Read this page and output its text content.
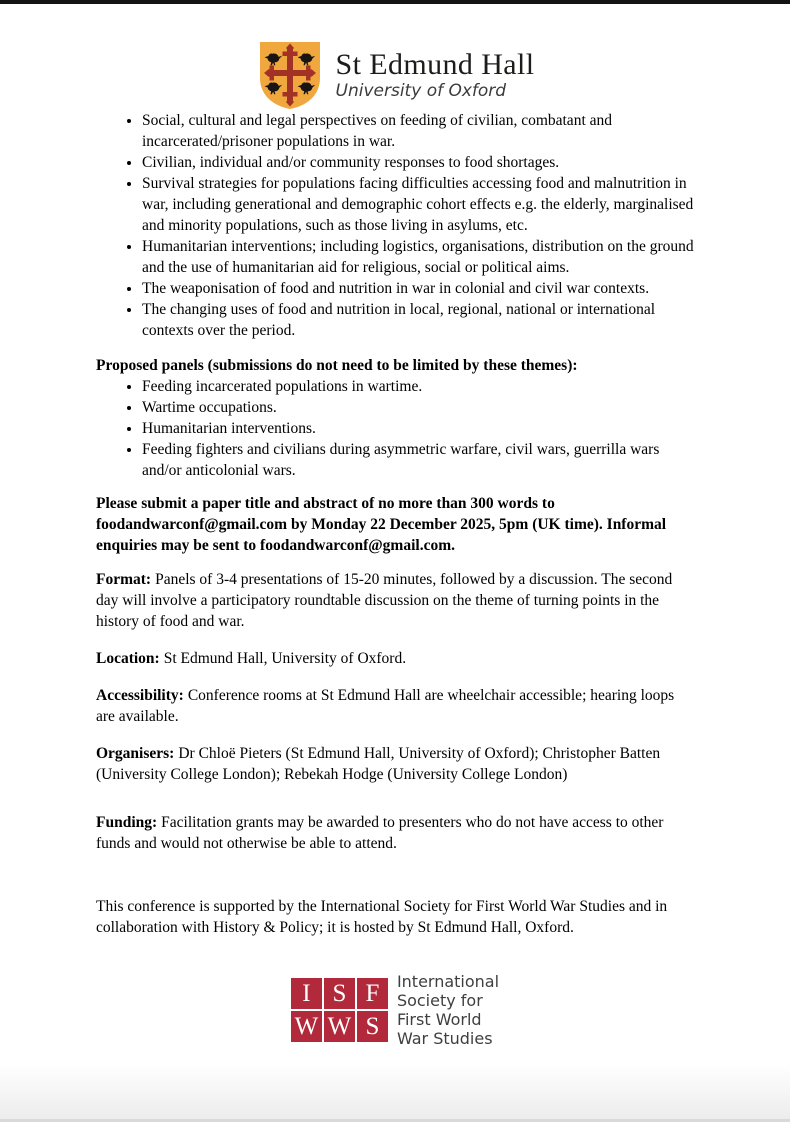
St Edmund Hall
University of Oxford
• Social, cultural and legal perspectives on feeding of civilian, combatant and incarcerated/prisoner populations in war.
• Civilian, individual and/or community responses to food shortages.
• Survival strategies for populations facing difficulties accessing food and malnutrition in war, including generational and demographic cohort effects e.g. the elderly, marginalised and minority populations, such as those living in asylums, etc.
• Humanitarian interventions; including logistics, organisations, distribution on the ground and the use of humanitarian aid for religious, social or political aims.
• The weaponisation of food and nutrition in war in colonial and civil war contexts.
• The changing uses of food and nutrition in local, regional, national or international contexts over the period.

Proposed panels (submissions do not need to be limited by these themes):

• Feeding incarcerated populations in wartime.
• Wartime occupations.
• Humanitarian interventions.
• Feeding fighters and civilians during asymmetric warfare, civil wars, guerrilla wars and/or anticolonial wars.

Please submit a paper title and abstract of no more than 300 words to foodandwarconf@gmail.com by Monday 22 December 2025, 5pm (UK time). Informal enquiries may be sent to foodandwarconf@gmail.com.

Format: Panels of 3-4 presentations of 15-20 minutes, followed by a discussion. The second day will involve a participatory roundtable discussion on the theme of turning points in the history of food and war.

Location: St Edmund Hall, University of Oxford.

Accessibility: Conference rooms at St Edmund Hall are wheelchair accessible; hearing loops are available.

Organisers: Dr Chloë Pieters (St Edmund Hall, University of Oxford); Christopher Batten (University College London); Rebekah Hodge (University College London)

Funding: Facilitation grants may be awarded to presenters who do not have access to other funds and would not otherwise be able to attend.

This conference is supported by the International Society for First World War Studies and in collaboration with History & Policy; it is hosted by St Edmund Hall, Oxford.

I S F
W W S
International
Society for
First World
War Studies
